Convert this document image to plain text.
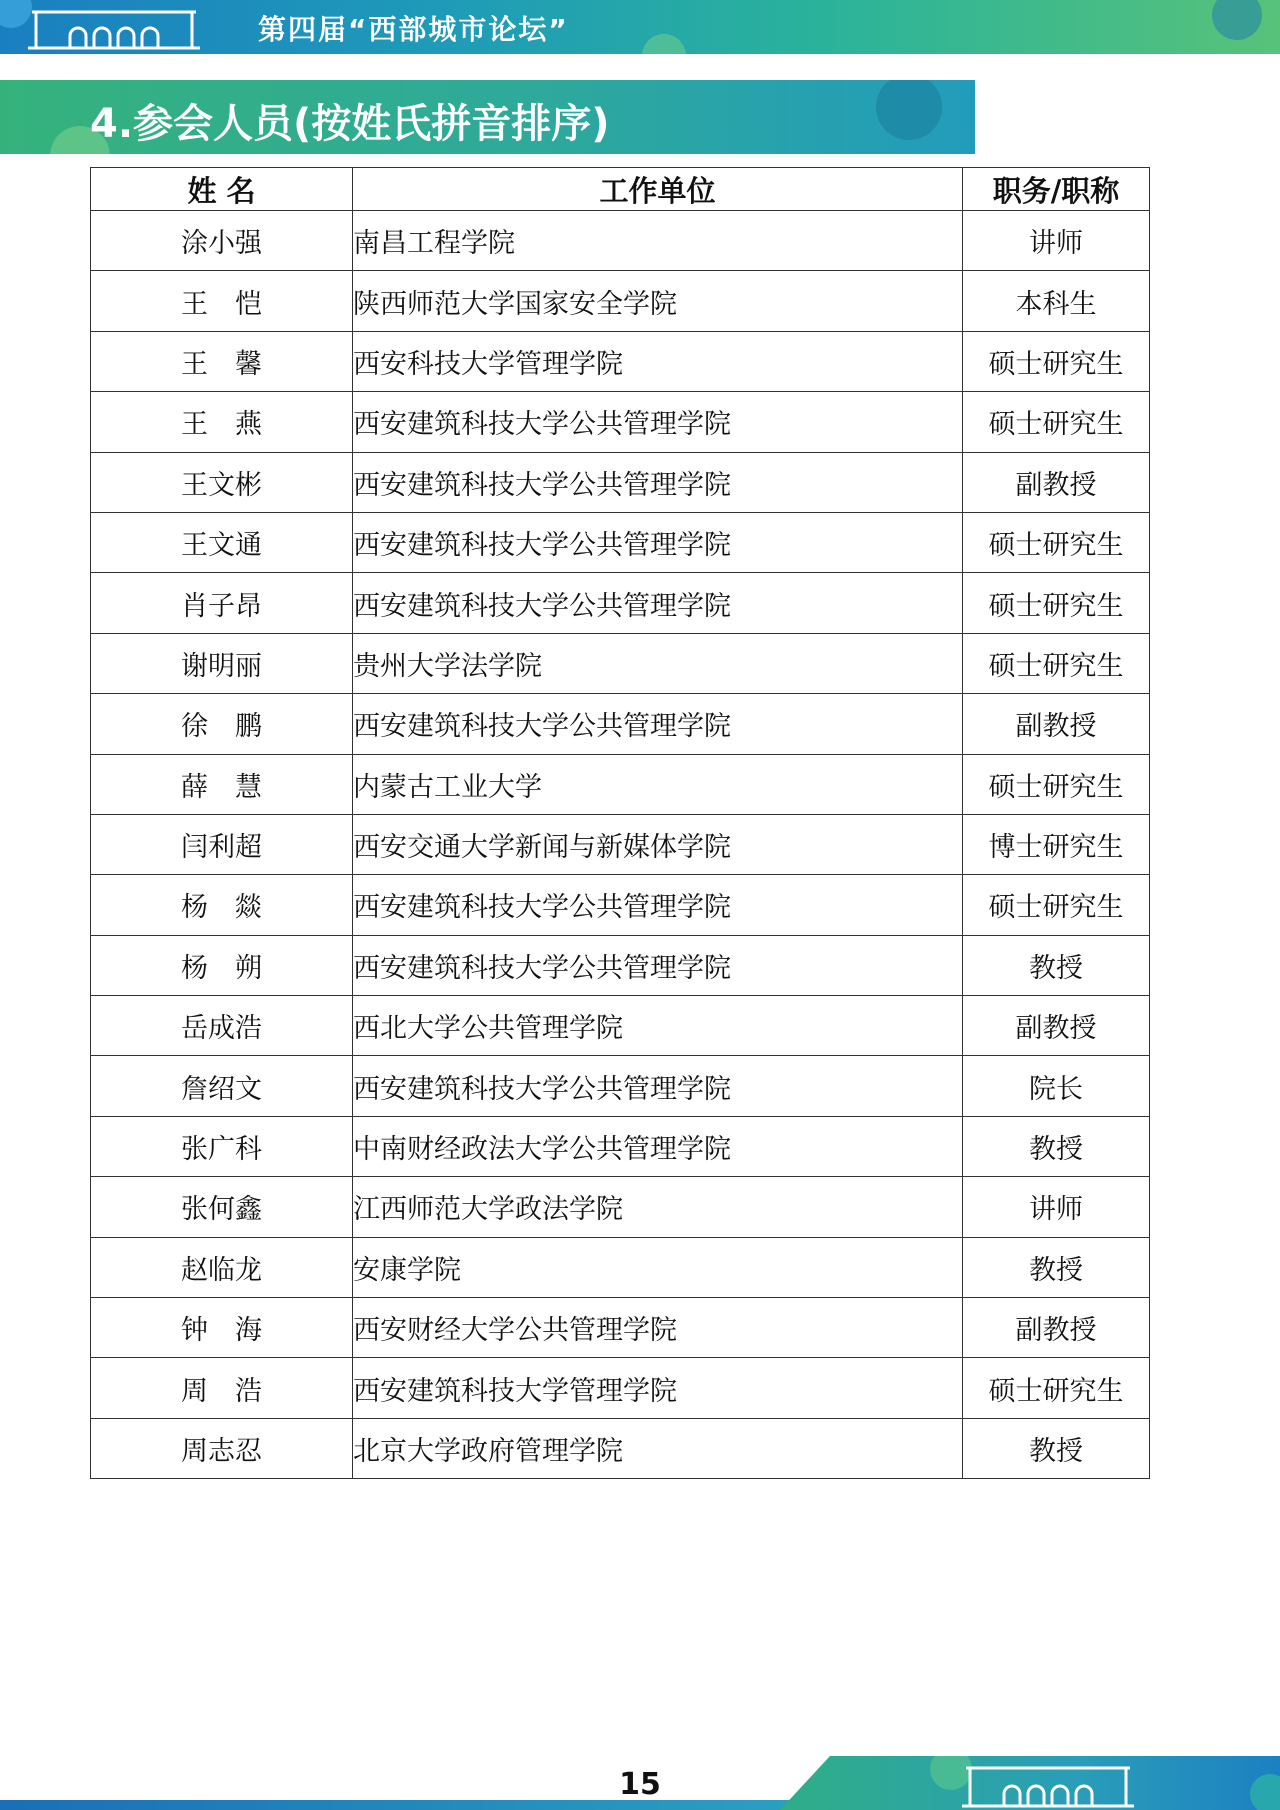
第四届“西部城市论坛”
4.参会人员(按姓氏拼音排序)
姓 名	工作单位	职务/职称
涂小强	南昌工程学院	讲师
王　恺	陕西师范大学国家安全学院	本科生
王　馨	西安科技大学管理学院	硕士研究生
王　燕	西安建筑科技大学公共管理学院	硕士研究生
王文彬	西安建筑科技大学公共管理学院	副教授
王文通	西安建筑科技大学公共管理学院	硕士研究生
肖子昂	西安建筑科技大学公共管理学院	硕士研究生
谢明丽	贵州大学法学院	硕士研究生
徐　鹏	西安建筑科技大学公共管理学院	副教授
薛　慧	内蒙古工业大学	硕士研究生
闫利超	西安交通大学新闻与新媒体学院	博士研究生
杨　燚	西安建筑科技大学公共管理学院	硕士研究生
杨　朔	西安建筑科技大学公共管理学院	教授
岳成浩	西北大学公共管理学院	副教授
詹绍文	西安建筑科技大学公共管理学院	院长
张广科	中南财经政法大学公共管理学院	教授
张何鑫	江西师范大学政法学院	讲师
赵临龙	安康学院	教授
钟　海	西安财经大学公共管理学院	副教授
周　浩	西安建筑科技大学管理学院	硕士研究生
周志忍	北京大学政府管理学院	教授
15
